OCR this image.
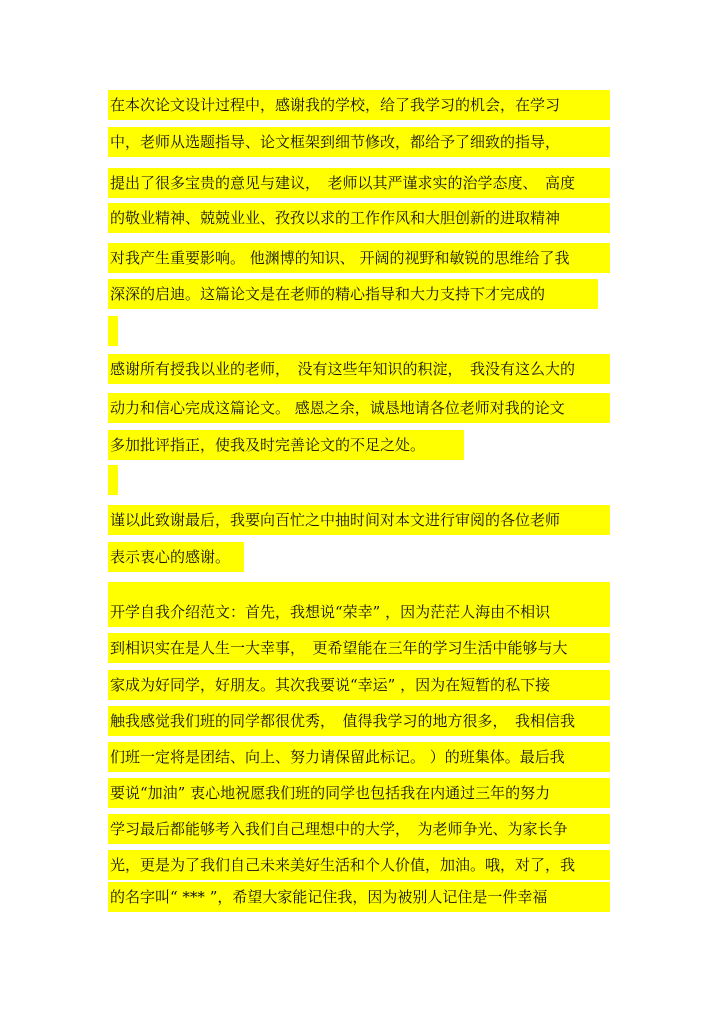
在本次论文设计过程中，感谢我的学校，给了我学习的机会，在学习
中，老师从选题指导、论文框架到细节修改，都给予了细致的指导，
提出了很多宝贵的意见与建议，　老师以其严谨求实的治学态度、　高度
的敬业精神、兢兢业业、孜孜以求的工作作风和大胆创新的进取精神
对我产生重要影响。 他渊博的知识、 开阔的视野和敏锐的思维给了我
深深的启迪。这篇论文是在老师的精心指导和大力支持下才完成的
感谢所有授我以业的老师，　没有这些年知识的积淀，　我没有这么大的
动力和信心完成这篇论文。 感恩之余，诚恳地请各位老师对我的论文
多加批评指正，使我及时完善论文的不足之处。
谨以此致谢最后，我要向百忙之中抽时间对本文进行审阅的各位老师
表示衷心的感谢。
开学自我介绍范文：首先，我想说“荣幸” ，因为茫茫人海由不相识
到相识实在是人生一大幸事，　更希望能在三年的学习生活中能够与大
家成为好同学，好朋友。其次我要说“幸运” ，因为在短暂的私下接
触我感觉我们班的同学都很优秀，　值得我学习的地方很多，　我相信我
们班一定将是团结、向上、努力请保留此标记。 ）的班集体。最后我
要说“加油” 衷心地祝愿我们班的同学也包括我在内通过三年的努力
学习最后都能够考入我们自己理想中的大学，　为老师争光、为家长争
光，更是为了我们自己未来美好生活和个人价值，加油。哦，对了，我
的名字叫“ *** ”，希望大家能记住我，因为被别人记住是一件幸福
